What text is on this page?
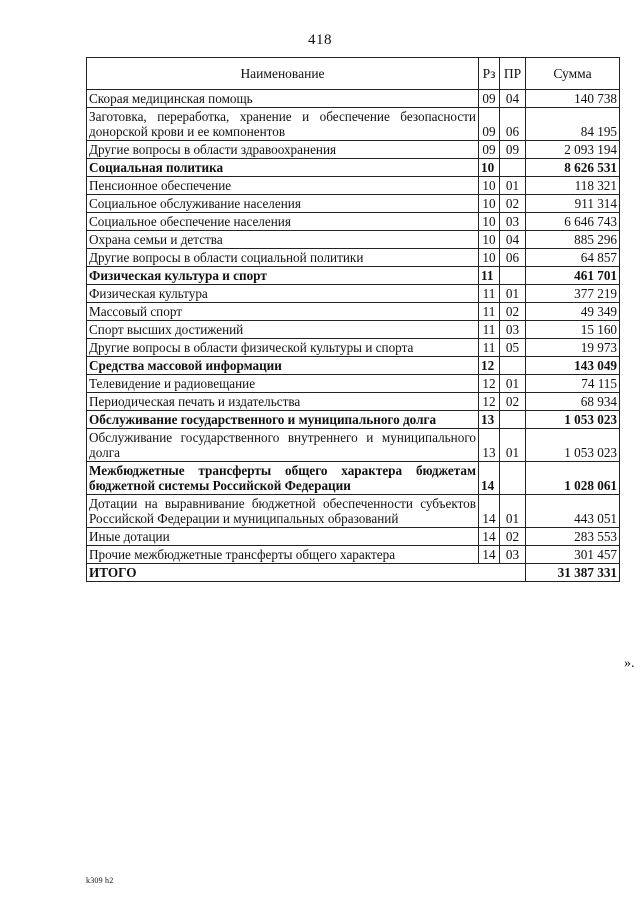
418
Наименование	Рз	ПР	Сумма
Скорая медицинская помощь	09	04	140 738
Заготовка, переработка, хранение и обеспечение безопасности донорской крови и ее компонентов	09	06	84 195
Другие вопросы в области здравоохранения	09	09	2 093 194
Социальная политика	10		8 626 531
Пенсионное обеспечение	10	01	118 321
Социальное обслуживание населения	10	02	911 314
Социальное обеспечение населения	10	03	6 646 743
Охрана семьи и детства	10	04	885 296
Другие вопросы в области социальной политики	10	06	64 857
Физическая культура и спорт	11		461 701
Физическая культура	11	01	377 219
Массовый спорт	11	02	49 349
Спорт высших достижений	11	03	15 160
Другие вопросы в области физической культуры и спорта	11	05	19 973
Средства массовой информации	12		143 049
Телевидение и радиовещание	12	01	74 115
Периодическая печать и издательства	12	02	68 934
Обслуживание государственного и муниципального долга	13		1 053 023
Обслуживание государственного внутреннего и муниципального долга	13	01	1 053 023
Межбюджетные трансферты общего характера бюджетам бюджетной системы Российской Федерации	14		1 028 061
Дотации на выравнивание бюджетной обеспеченности субъектов Российской Федерации и муниципальных образований	14	01	443 051
Иные дотации	14	02	283 553
Прочие межбюджетные трансферты общего характера	14	03	301 457
ИТОГО			31 387 331
».
k309 h2
